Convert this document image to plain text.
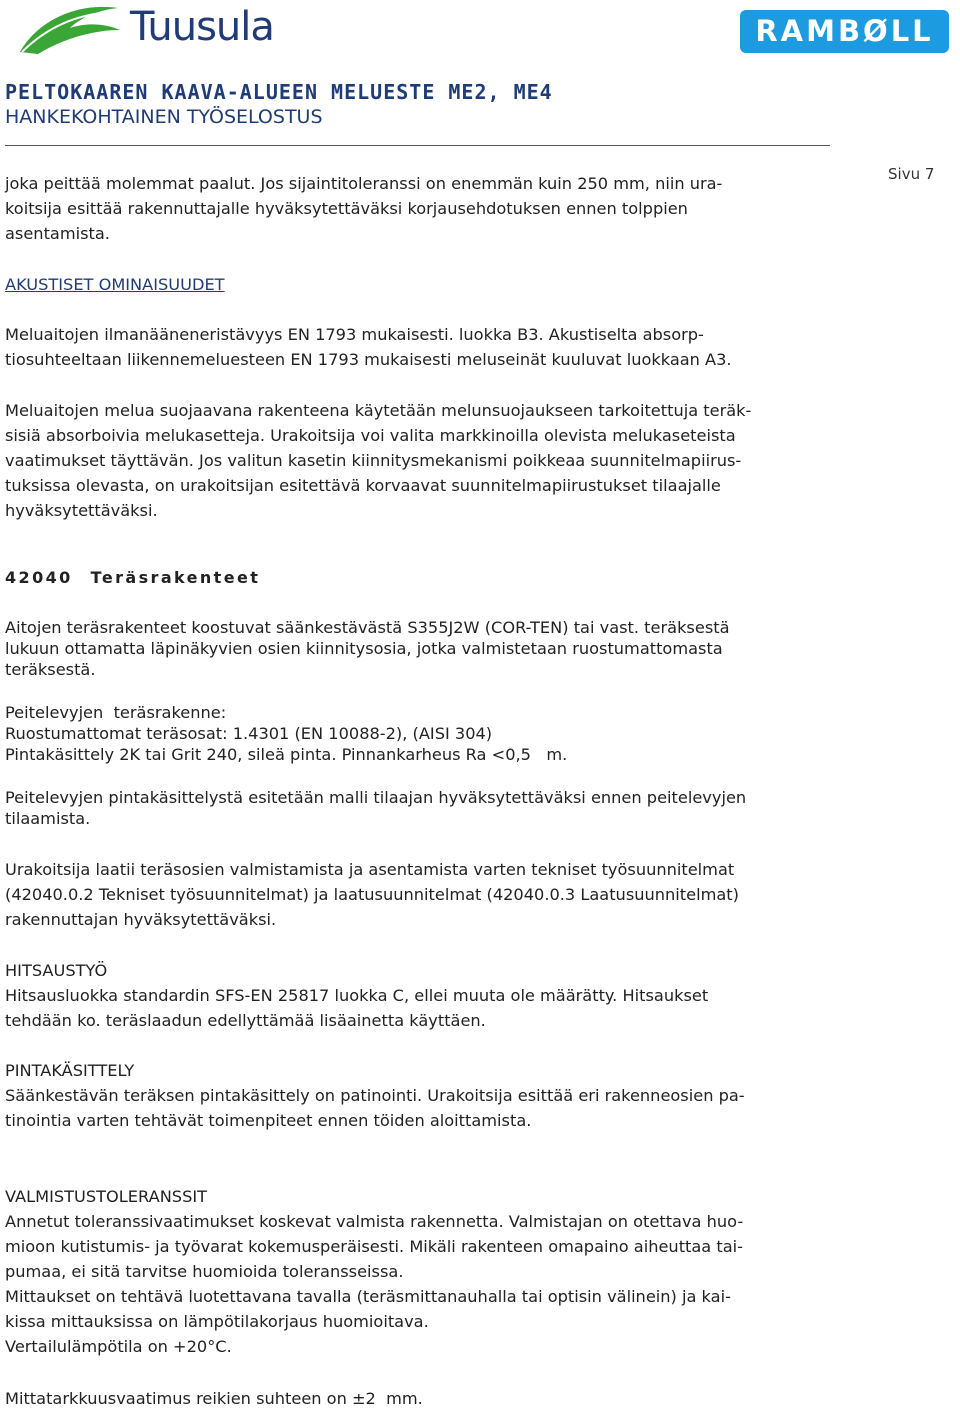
Tuusula	RAMBØLL
PELTOKAAREN KAAVA-ALUEEN MELUESTE ME2, ME4
HANKEKOHTAINEN TYÖSELOSTUS
Sivu 7
joka peittää molemmat paalut. Jos sijaintitoleranssi on enemmän kuin 250 mm, niin ura-
koitsija esittää rakennuttajalle hyväksytettäväksi korjausehdotuksen ennen tolppien
asentamista.
AKUSTISET OMINAISUUDET
Meluaitojen ilmanääneneristävyys EN 1793 mukaisesti. luokka B3. Akustiselta absorp-
tiosuhteeltaan liikennemeluesteen EN 1793 mukaisesti meluseinät kuuluvat luokkaan A3.
Meluaitojen melua suojaavana rakenteena käytetään melunsuojaukseen tarkoitettuja teräk-
sisiä absorboivia melukasetteja. Urakoitsija voi valita markkinoilla olevista melukaseteista
vaatimukset täyttävän. Jos valitun kasetin kiinnitysmekanismi poikkeaa suunnitelmapiirus-
tuksissa olevasta, on urakoitsijan esitettävä korvaavat suunnitelmapiirustukset tilaajalle
hyväksytettäväksi.
42040 Teräsrakenteet
Aitojen teräsrakenteet koostuvat säänkestävästä S355J2W (COR-TEN) tai vast. teräksestä
lukuun ottamatta läpinäkyvien osien kiinnitysosia, jotka valmistetaan ruostumattomasta
teräksestä.
Peitelevyjen  teräsrakenne:
Ruostumattomat teräsosat: 1.4301 (EN 10088-2), (AISI 304)
Pintakäsittely 2K tai Grit 240, sileä pinta. Pinnankarheus Ra <0,5   m.
Peitelevyjen pintakäsittelystä esitetään malli tilaajan hyväksytettäväksi ennen peitelevyjen
tilaamista.
Urakoitsija laatii teräsosien valmistamista ja asentamista varten tekniset työsuunnitelmat
(42040.0.2 Tekniset työsuunnitelmat) ja laatusuunnitelmat (42040.0.3 Laatusuunnitelmat)
rakennuttajan hyväksytettäväksi.
HITSAUSTYÖ
Hitsausluokka standardin SFS-EN 25817 luokka C, ellei muuta ole määrätty. Hitsaukset
tehdään ko. teräslaadun edellyttämää lisäainetta käyttäen.
PINTAKÄSITTELY
Säänkestävän teräksen pintakäsittely on patinointi. Urakoitsija esittää eri rakenneosien pa-
tinointia varten tehtävät toimenpiteet ennen töiden aloittamista.
VALMISTUSTOLERANSSIT
Annetut toleranssivaatimukset koskevat valmista rakennetta. Valmistajan on otettava huo-
mioon kutistumis- ja työvarat kokemusperäisesti. Mikäli rakenteen omapaino aiheuttaa tai-
pumaa, ei sitä tarvitse huomioida toleransseissa.
Mittaukset on tehtävä luotettavana tavalla (teräsmittanauhalla tai optisin välinein) ja kai-
kissa mittauksissa on lämpötilakorjaus huomioitava.
Vertailulämpötila on +20°C.
Mittatarkkuusvaatimus reikien suhteen on ±2  mm.
